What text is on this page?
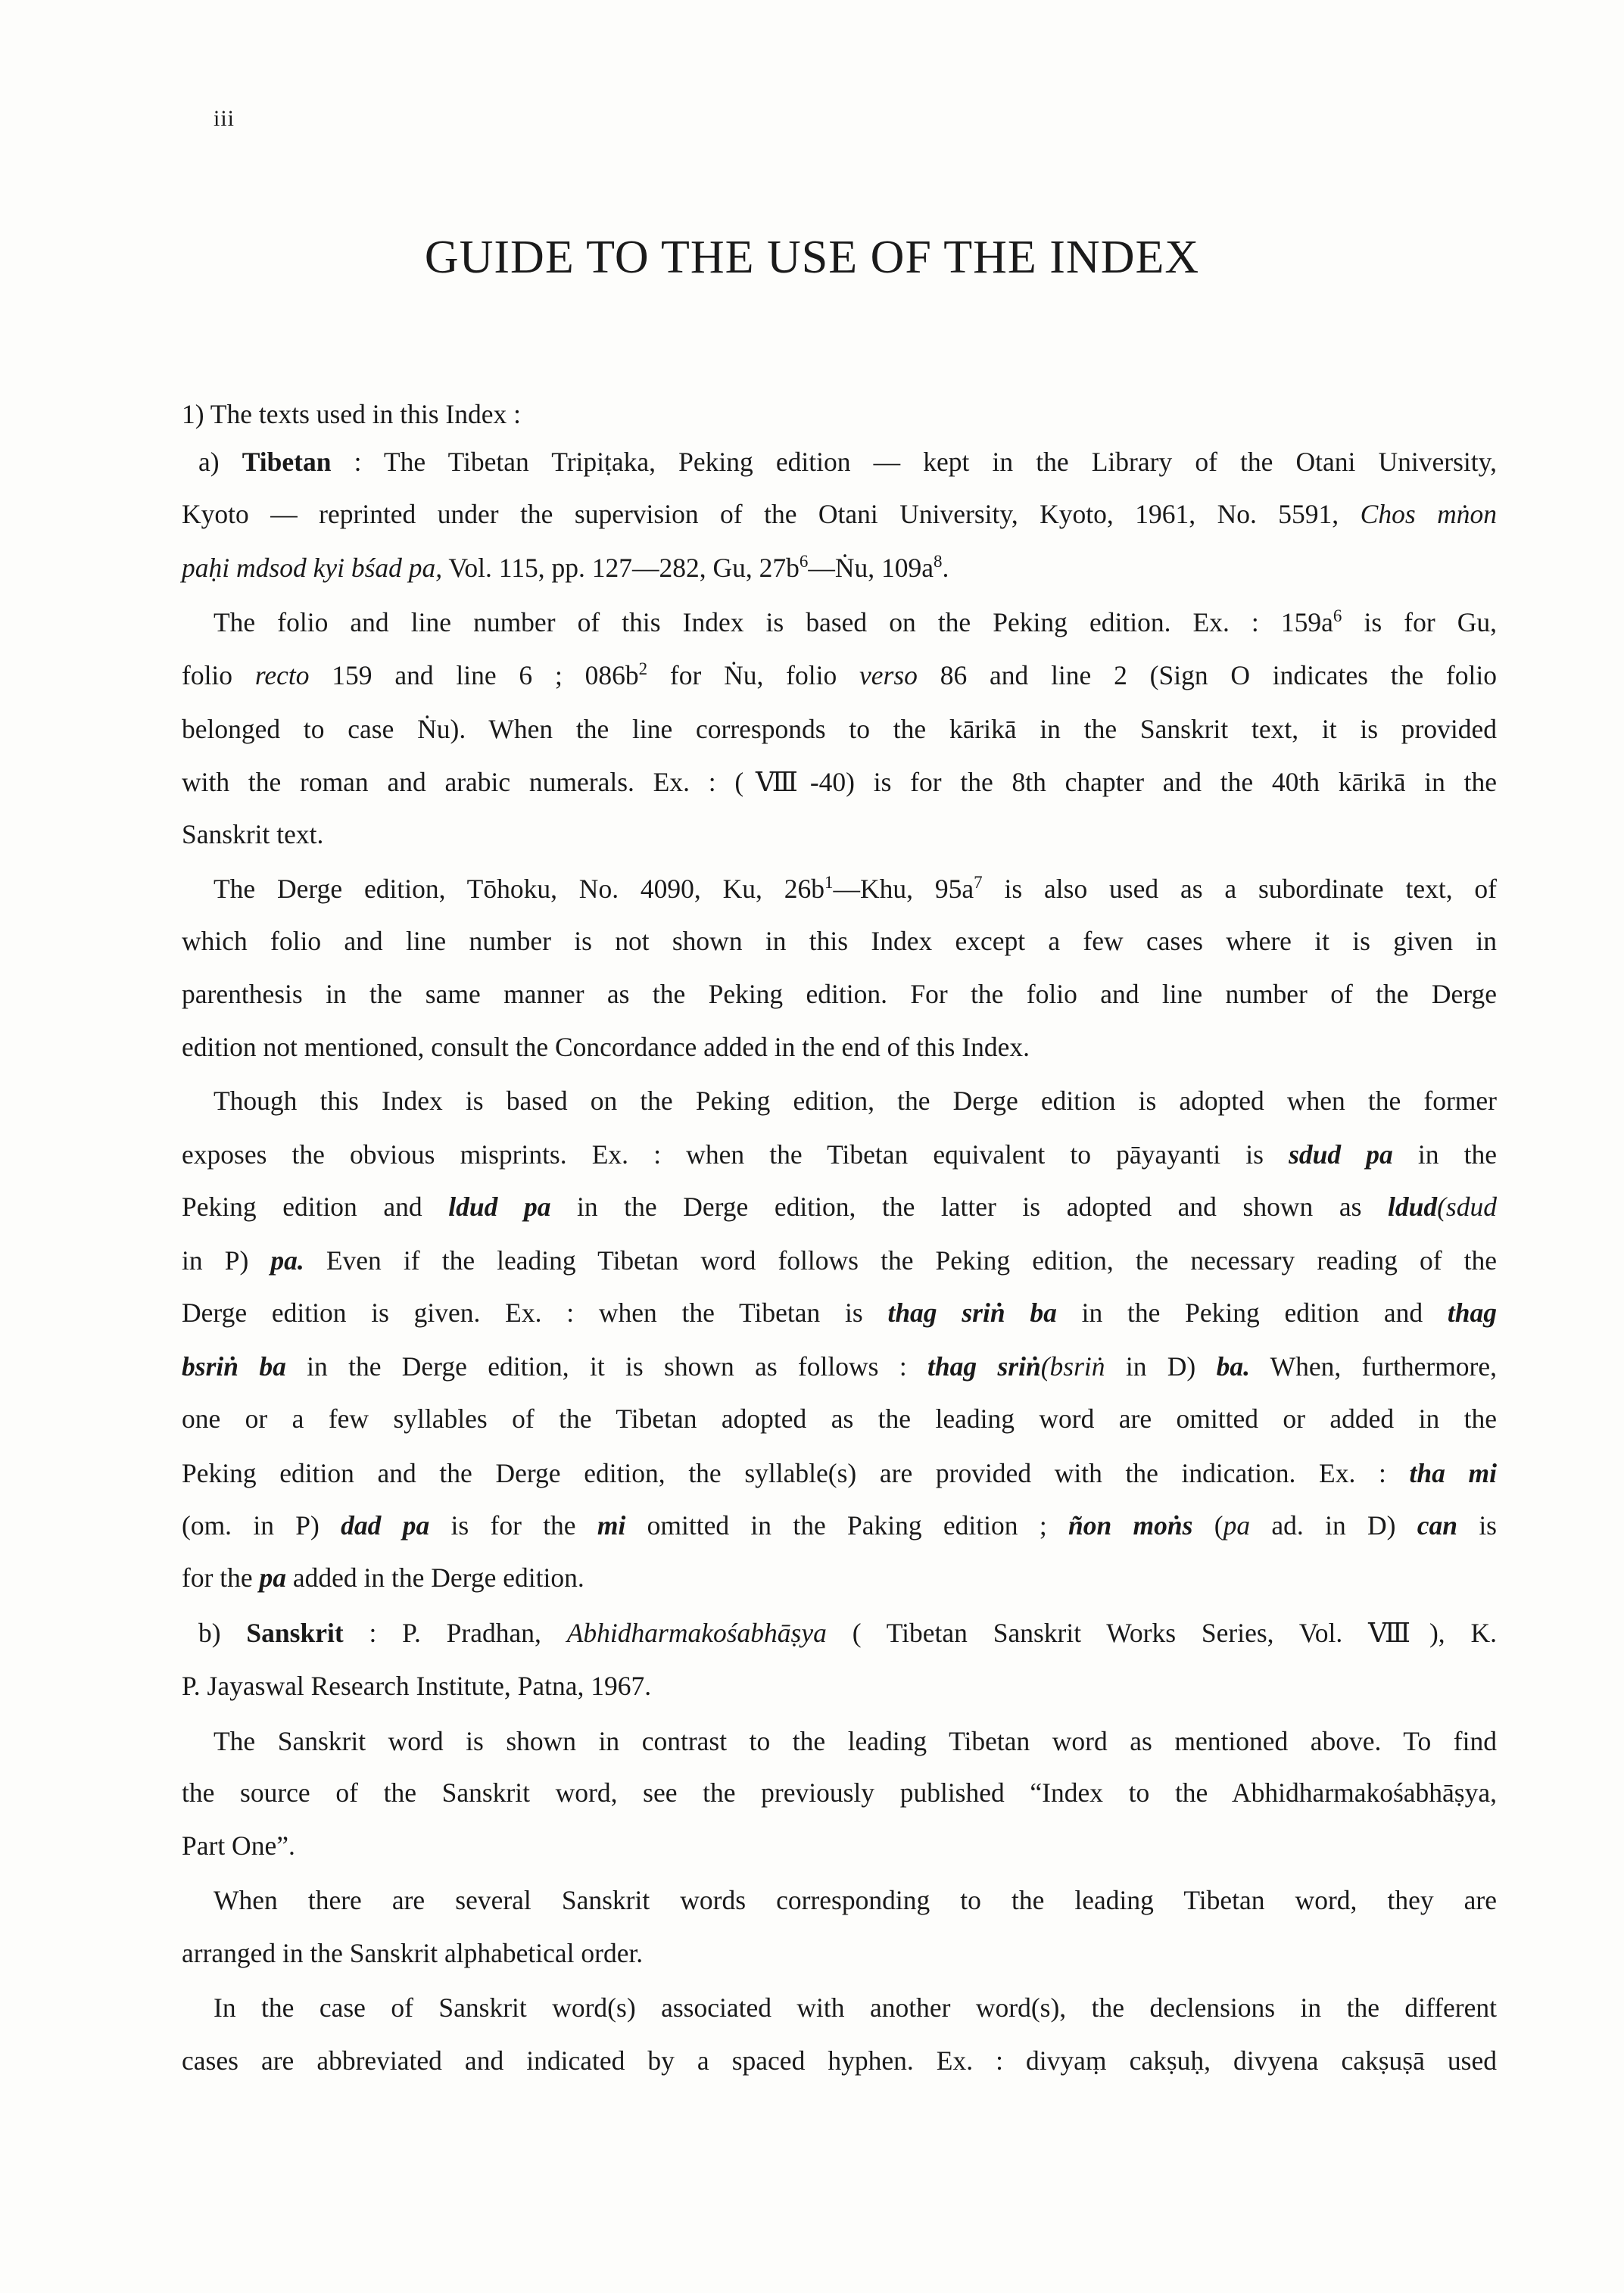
iii
GUIDE TO THE USE OF THE INDEX
1) The texts used in this Index :
a) Tibetan : The Tibetan Tripiṭaka, Peking edition — kept in the Library of the Otani University,
Kyoto — reprinted under the supervision of the Otani University, Kyoto, 1961, No. 5591, Chos mṅon
paḥi mdsod kyi bśad pa, Vol. 115, pp. 127—282, Gu, $27b^6—Ṅu$, $109a^8$.
The folio and line number of this Index is based on the Peking edition. Ex. : $159a^6$ is for Gu,
folio recto 159 and line 6 ; $086b^2$ for Ṅu, folio verso 86 and line 2 (Sign O indicates the folio
belonged to case Ṅu). When the line corresponds to the kārikā in the Sanskrit text, it is provided
with the roman and arabic numerals. Ex. : (Ⅷ-40) is for the 8th chapter and the 40th kārikā in the
Sanskrit text.
The Derge edition, Tōhoku, No. 4090, Ku, $26b^1—Khu$, $95a^7$ is also used as a subordinate text, of
which folio and line number is not shown in this Index except a few cases where it is given in
parenthesis in the same manner as the Peking edition. For the folio and line number of the Derge
edition not mentioned, consult the Concordance added in the end of this Index.
Though this Index is based on the Peking edition, the Derge edition is adopted when the former
exposes the obvious misprints. Ex. : when the Tibetan equivalent to pāyayanti is sdud pa in the
Peking edition and ldud pa in the Derge edition, the latter is adopted and shown as ldud(sdud
in P) pa. Even if the leading Tibetan word follows the Peking edition, the necessary reading of the
Derge edition is given. Ex. : when the Tibetan is thag sriṅ ba in the Peking edition and thag
bsriṅ ba in the Derge edition, it is shown as follows : thag sriṅ(bsriṅ in D) ba. When, furthermore,
one or a few syllables of the Tibetan adopted as the leading word are omitted or added in the
Peking edition and the Derge edition, the syllable(s) are provided with the indication. Ex. : tha mi
(om. in P) dad pa is for the mi omitted in the Paking edition ; ñon moṅs (pa ad. in D) can is
for the pa added in the Derge edition.
b) Sanskrit : P. Pradhan, Abhidharmakośabhāṣya ( Tibetan Sanskrit Works Series, Vol. Ⅷ), K.
P. Jayaswal Research Institute, Patna, 1967.
The Sanskrit word is shown in contrast to the leading Tibetan word as mentioned above. To find
the source of the Sanskrit word, see the previously published “Index to the Abhidharmakośabhāṣya,
Part One”.
When there are several Sanskrit words corresponding to the leading Tibetan word, they are
arranged in the Sanskrit alphabetical order.
In the case of Sanskrit word(s) associated with another word(s), the declensions in the different
cases are abbreviated and indicated by a spaced hyphen. Ex. : divyaṃ cakṣuḥ, divyena cakṣuṣā used
